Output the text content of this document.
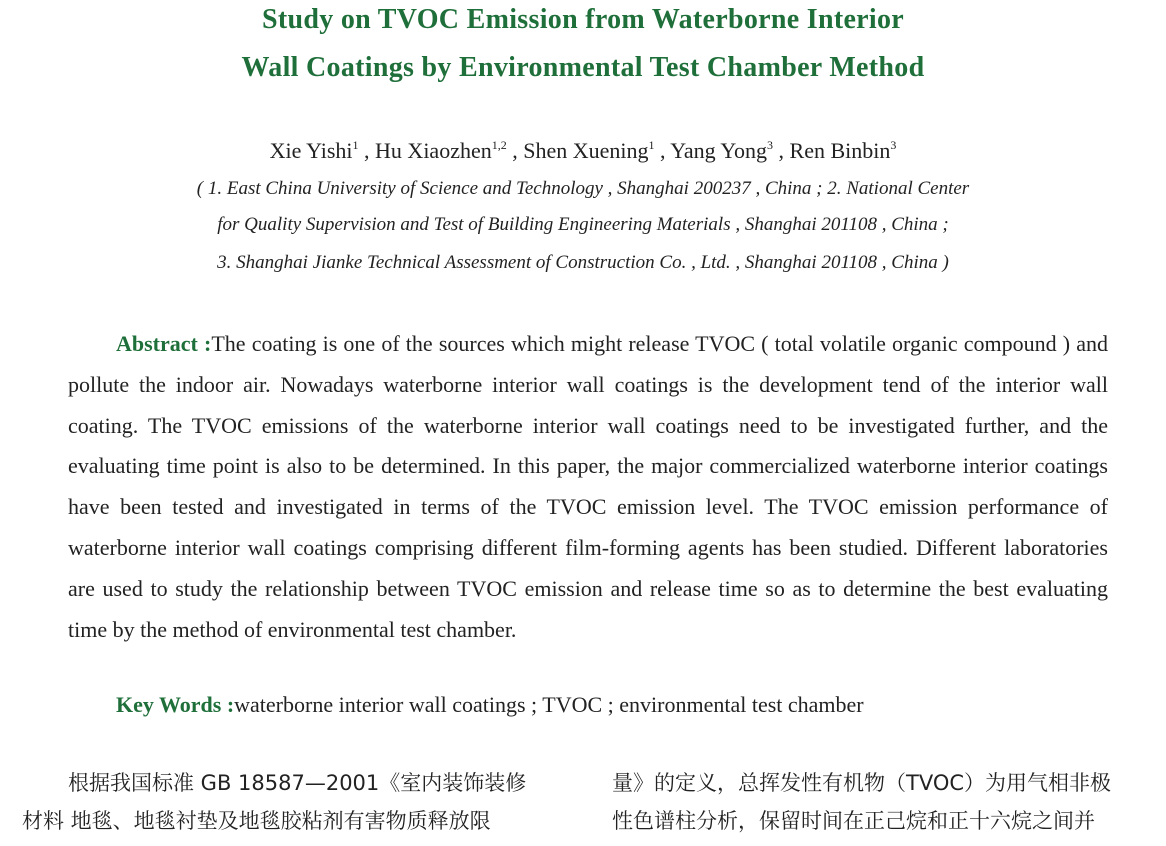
Study on TVOC Emission from Waterborne Interior
Wall Coatings by Environmental Test Chamber Method
Xie Yishi$^1$ , Hu Xiaozhen$^{1,2}$ , Shen Xuening$^1$ , Yang Yong$^3$ , Ren Binbin$^3$
( 1. East China University of Science and Technology , Shanghai 200237 , China ; 2. National Center
for Quality Supervision and Test of Building Engineering Materials , Shanghai 201108 , China ;
3. Shanghai Jianke Technical Assessment of Construction Co. , Ltd. , Shanghai 201108 , China )
Abstract :The coating is one of the sources which might release TVOC ( total volatile organic compound ) and pollute the indoor air. Nowadays waterborne interior wall coatings is the development tend of the interior wall coating. The TVOC emissions of the waterborne interior wall coatings need to be investigated further, and the evaluating time point is also to be determined. In this paper, the major commercialized waterborne interior coatings have been tested and investigated in terms of the TVOC emission level. The TVOC emission performance of waterborne interior wall coatings comprising different film-forming agents has been studied. Different laboratories are used to study the relationship between TVOC emission and release time so as to determine the best evaluating time by the method of environmental test chamber.
Key Words :waterborne interior wall coatings ; TVOC ; environmental test chamber
根据我国标准 GB 18587—2001《室内装饰装修
材料 地毯、地毯衬垫及地毯胶粘剂有害物质释放限
量》的定义，总挥发性有机物（TVOC）为用气相非极
性色谱柱分析，保留时间在正己烷和正十六烷之间并
